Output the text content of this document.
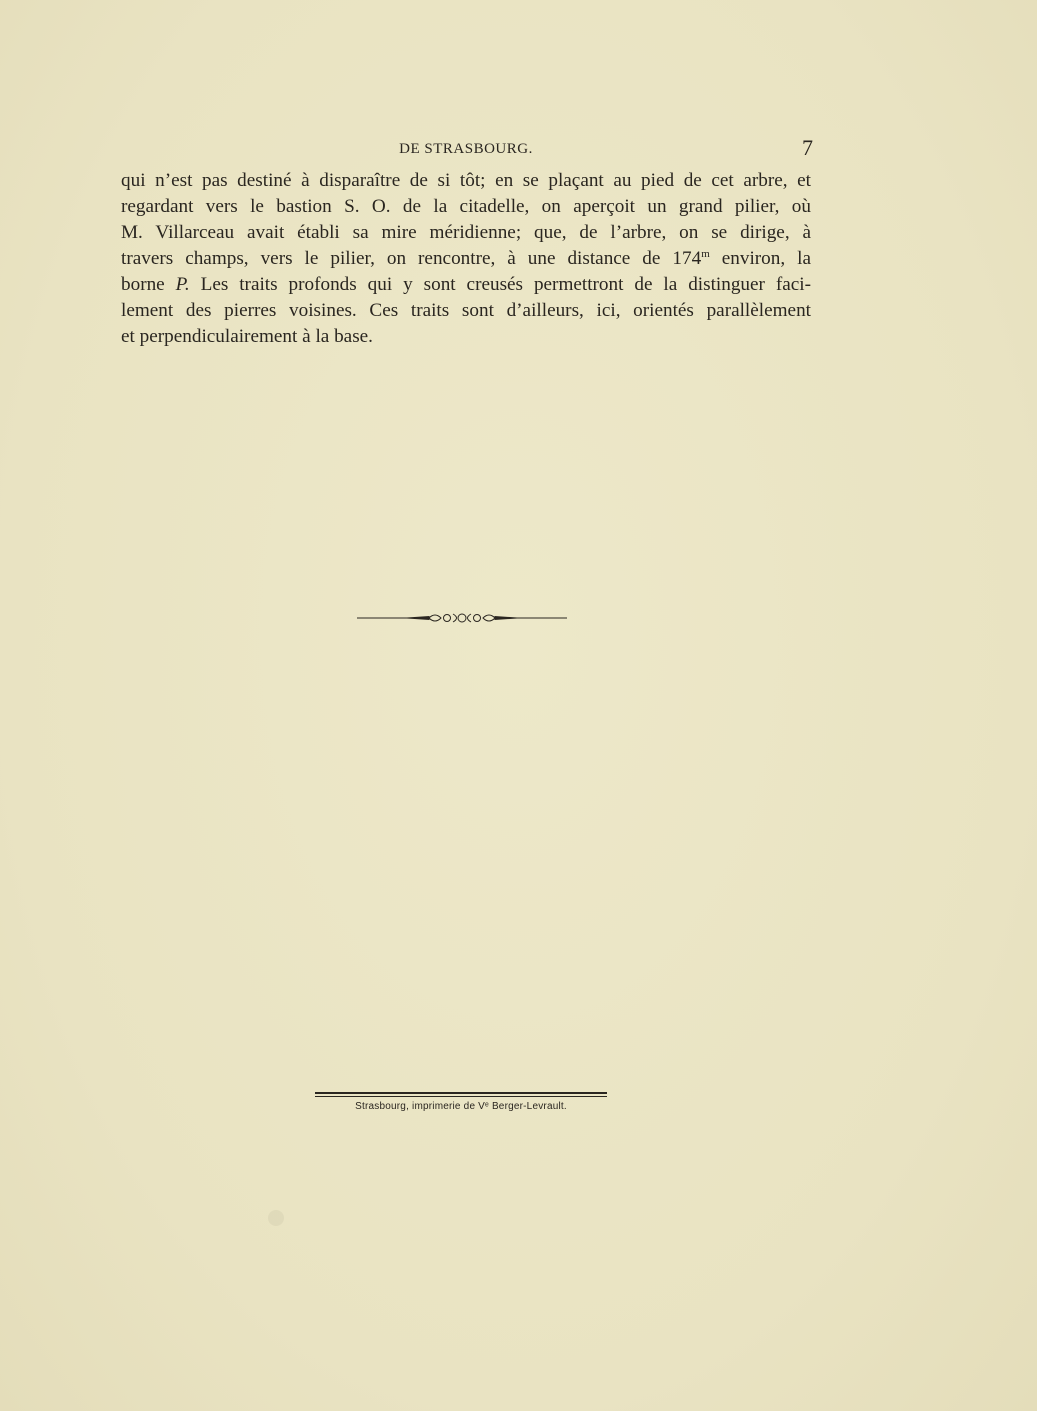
DE STRASBOURG.	7
qui n’est pas destiné à disparaître de si tôt; en se plaçant au pied de cet arbre, et
regardant vers le bastion S. O. de la citadelle, on aperçoit un grand pilier, où
M. Villarceau avait établi sa mire méridienne; que, de l’arbre, on se dirige, à
travers champs, vers le pilier, on rencontre, à une distance de 174$^m$ environ, la
borne P. Les traits profonds qui y sont creusés permettront de la distinguer faci-
lement des pierres voisines. Ces traits sont d’ailleurs, ici, orientés parallèlement
et perpendiculairement à la base.
Strasbourg, imprimerie de Vᵉ Berger-Levrault.
